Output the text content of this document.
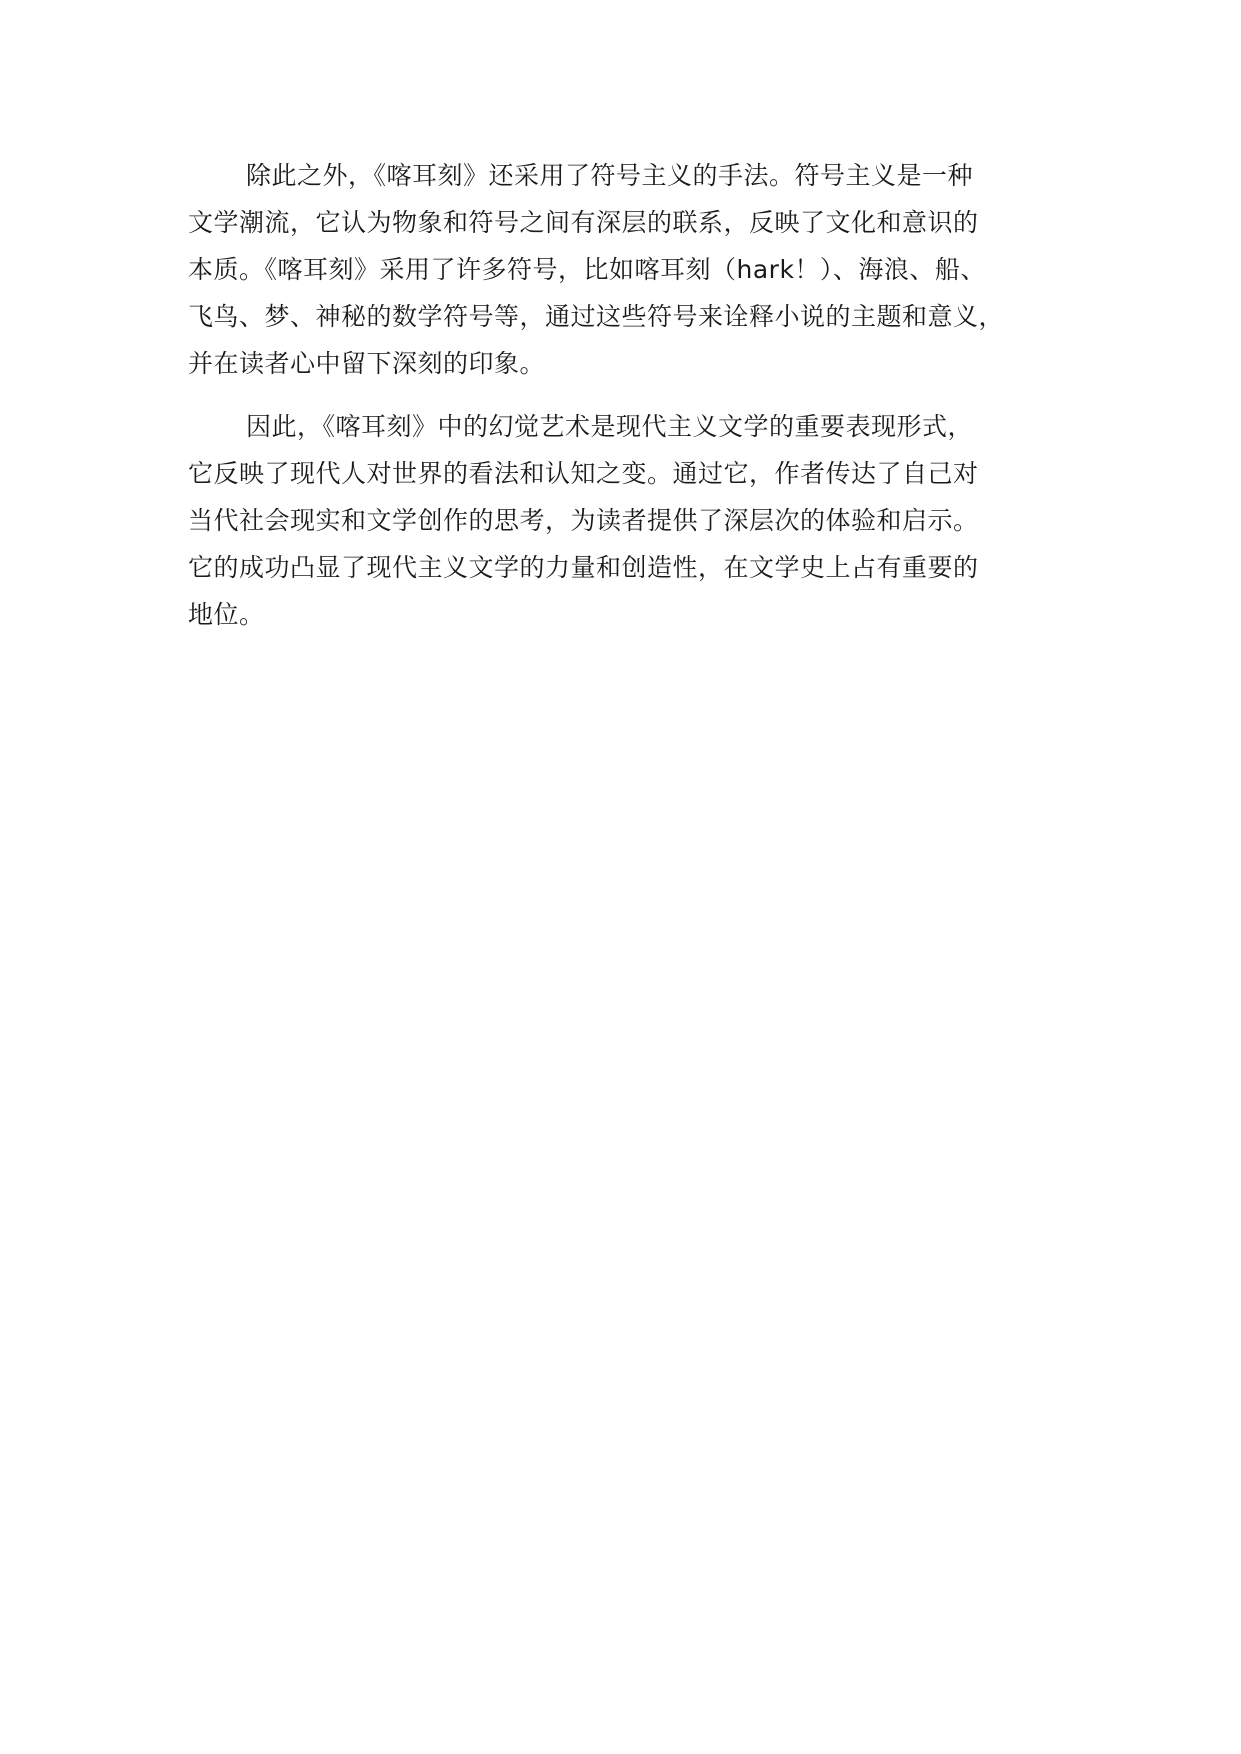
除此之外，《喀耳刻》还采用了符号主义的手法。符号主义是一种
文学潮流，它认为物象和符号之间有深层的联系，反映了文化和意识的
本质。《喀耳刻》采用了许多符号，比如喀耳刻（hark！）、海浪、船、
飞鸟、梦、神秘的数学符号等，通过这些符号来诠释小说的主题和意义，
并在读者心中留下深刻的印象。
因此，《喀耳刻》中的幻觉艺术是现代主义文学的重要表现形式，
它反映了现代人对世界的看法和认知之变。通过它，作者传达了自己对
当代社会现实和文学创作的思考，为读者提供了深层次的体验和启示。
它的成功凸显了现代主义文学的力量和创造性，在文学史上占有重要的
地位。
